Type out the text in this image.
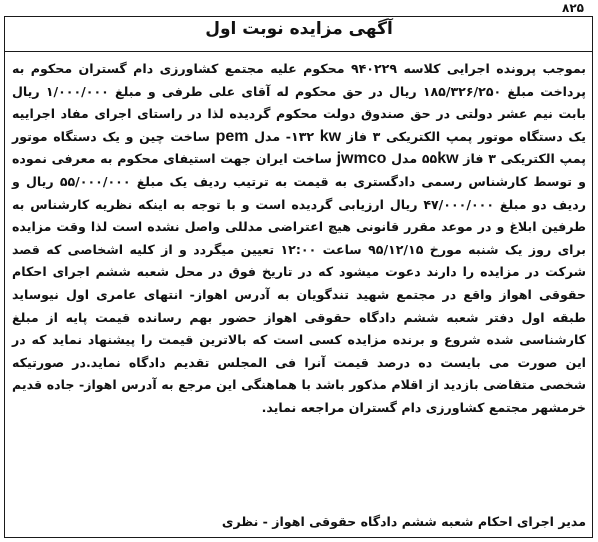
۸۲۵
آگهی مزایده نوبت اول

بموجب پرونده اجرایی کلاسه ۹۴۰۲۲۹ محکوم علیه مجتمع کشاورزی دام گستران محکوم به پرداخت مبلغ ۱۸۵/۳۲۶/۲۵۰ ریال در حق محکوم له آقای علی طرفی و مبلغ ۱/۰۰۰/۰۰۰ ریال بابت نیم عشر دولتی در حق صندوق دولت محکوم گردیده لذا در راستای اجرای مفاد اجراییه یک دستگاه موتور پمپ الکتریکی ۳ فاز kw ۱۳۲- مدل pem ساخت چین و یک دستگاه موتور پمپ الکتریکی ۳ فاز kw۵۵ مدل jwmco ساخت ایران جهت استیفای محکوم به معرفی نموده و توسط کارشناس رسمی دادگستری به قیمت به ترتیب ردیف یک مبلغ ۵۵/۰۰۰/۰۰۰ ریال و ردیف دو مبلغ ۴۷/۰۰۰/۰۰۰ ریال ارزیابی گردیده است و با توجه به اینکه نظریه کارشناس به طرفین ابلاغ و در موعد مقرر قانونی هیچ اعتراضی مدللی واصل نشده است لذا وقت مزایده برای روز یک شنبه مورخ ۹۵/۱۲/۱۵ ساعت ۱۲:۰۰ تعیین میگردد و از کلیه اشخاصی که قصد شرکت در مزایده را دارند دعوت میشود که در تاریخ فوق در محل شعبه ششم اجرای احکام حقوقی اهواز واقع در مجتمع شهید تندگویان به آدرس اهواز- انتهای عامری اول نیوساید طبقه اول دفتر شعبه ششم دادگاه حقوقی اهواز حضور بهم رسانده قیمت پایه از مبلغ کارشناسی شده شروع و برنده مزایده کسی است که بالاترین قیمت را پیشنهاد نماید که در این صورت می بایست ده درصد قیمت آنرا فی المجلس تقدیم دادگاه نماید.در صورتیکه شخصی متقاضی بازدید از اقلام مذکور باشد با هماهنگی این مرجع به آدرس اهواز- جاده قدیم خرمشهر مجتمع کشاورزی دام گستران مراجعه نماید.

مدیر اجرای احکام شعبه ششم دادگاه حقوقی اهواز - نظری
